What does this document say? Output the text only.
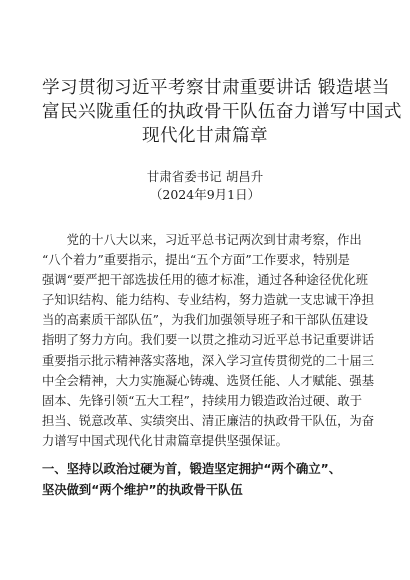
学习贯彻习近平考察甘肃重要讲话 锻造堪当
富民兴陇重任的执政骨干队伍奋力谱写中国式
现代化甘肃篇章
甘肃省委书记 胡昌升
（2024年9月1日）
　　党的十八大以来，习近平总书记两次到甘肃考察，作出
“八个着力”重要指示，提出“五个方面”工作要求，特别是
强调“要严把干部选拔任用的德才标准，通过各种途径优化班
子知识结构、能力结构、专业结构，努力造就一支忠诚干净担
当的高素质干部队伍”，为我们加强领导班子和干部队伍建设
指明了努力方向。我们要一以贯之推动习近平总书记重要讲话
重要指示批示精神落实落地，深入学习宣传贯彻党的二十届三
中全会精神，大力实施凝心铸魂、选贤任能、人才赋能、强基
固本、先锋引领“五大工程”，持续用力锻造政治过硬、敢于
担当、锐意改革、实绩突出、清正廉洁的执政骨干队伍，为奋
力谱写中国式现代化甘肃篇章提供坚强保证。
一、坚持以政治过硬为首，锻造坚定拥护“两个确立”、
坚决做到“两个维护”的执政骨干队伍
